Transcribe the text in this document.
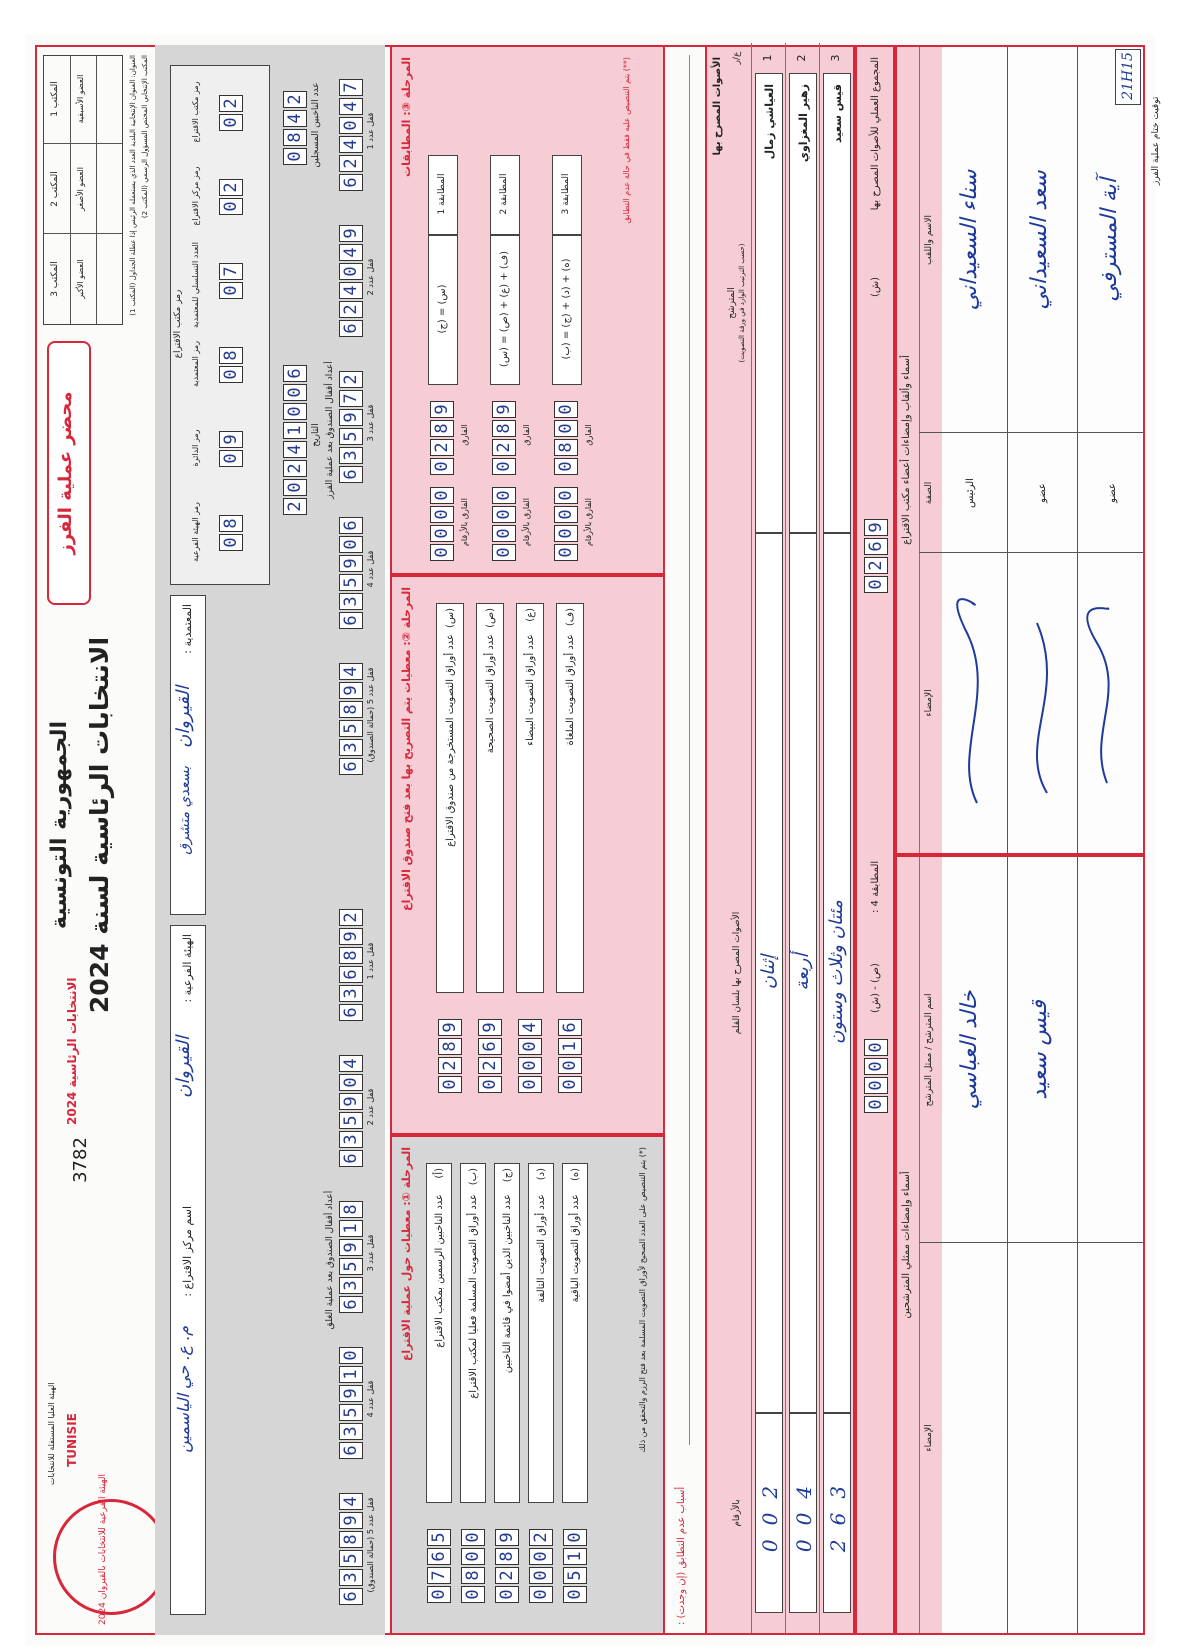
الهيئة الفرعية للانتخابات بالقيروان 2024
TUNISIE
الهيئة العليا المستقلة للانتخابات
الانتخابات الرئاسية لسنة 2024
الجمهورية التونسية
الانتخابات الرئاسية 2024
3782
محضر عملية الفرز
المكتب 1
المكتب 2
المكتب 3
العضو الأسبقية
العضو الأصغر
العضو الأكبر
العنوان: العنوان الإنتخابية البلدية العدد الذي يستعمله الرئيس إذا عطلة الجداول (المكتب 1) المكتب الإنتخابي المختص المسؤول الرسمي (المكتب 2)
الهيئة الفرعية :
القيروان
اسم مركز الاقتراع :
م. ع. حي الياسمين
المعتمدية :
القيروان
بسعدي متشرق
رمز مكتب الاقتراع
رمز مكتب الاقتراع 0
2
رمز مركز الاقتراع 0
2
العدد التسلسلي للمعتمدية 0
7
رمز المعتمدية 0
8
رمز الدائرة 0
9
رمز الهيئة الفرعية 0
8
2
0
2
4
1
0
0
6
التاريخ
0
8
4
2 عدد الناخبين المسجلين
أعداد أقفال الصندوق بعد عملية الغلق
6
3
6
8
9
2
قفل عدد 1
6
3
5
9
0
4
قفل عدد 2
6
3
5
9
1
8
قفل عدد 3
6
3
5
9
1
0
قفل عدد 4
6
3
5
8
9
4
قفل عدد 5 (حمالة الصندوق)
أعداد أقفال الصندوق بعد عملية الفرز
6
2
4
0
4
7
قفل عدد 1
6
2
4
0
4
9
قفل عدد 2
6
3
5
9
7
2
قفل عدد 3
6
3
5
9
0
6
قفل عدد 4
6
3
5
8
9
4
قفل عدد 5 (حمالة الصندوق)
المرحلة ①: معطيات حول عملية الاقتراع عدد الناخبين الرسمين بمكتب الاقتراع
(أ)
0
7
6
5
عدد أوراق التصويت المسلمة فعليا لمكتب الاقتراع
(ب)
0
8
0
0
عدد الناخبين الذين أمضوا في قائمة الناخبين
(ج)
0
2
8
9
عدد أوراق التصويت التالفة
(د)
0
0
0
2
عدد أوراق التصويت الباقية
(ه)
0
5
1
0
(*) يتم التنصيص على العدد الصحيح لأوراق التصويت المسلمة بعد فتح الرزم والتحقق من ذلك
المرحلة ②: معطيات يتم التصريح بها بعد فتح صندوق الاقتراع	عدد أوراق التصويت المستخرجة من صندوق الاقتراع
(س)
0
2
8
9
عدد أوراق التصويت الصحيحة
(ص)
0
2
6
9
عدد أوراق التصويت البيضاء
(ع)
0
0
0
4
عدد أوراق التصويت الملغاة
(ف)
0
0
1
6
المرحلة ③: المطابقات
المطابقة 1
(ج) = (س)
0
2
8
9
0
0
0
0
الفارق
الفارق بالأرقام
المطابقة 2
(س) = (ص) + (ع) + (ف)
0
2
8
9
0
0
0
0
الفارق
الفارق بالأرقام
المطابقة 3
(ب) = (ج) + (د) + (ه)
0
8
0
0
0
0
0
0
الفارق
الفارق بالأرقام
(**) يتم التنصيص عليه فقط في حالة عدم التطابق
أسباب عدم التطابق (إن وجدت) :
الأصوات المصرح بها ع/ر
المترشح
(حسب الترتيب الوارد في ورقة التصويت)
الأصوات المصرح بها بلسان القلم
بالأرقام
1
العياشي زمال
إثنان
002
2
زهير المغزاوي
أربعة
004
3
قيس سعيد
مئتان وثلاث وستون
263
المجموع العملي للأصوات المصرح بها
(ش)
0
2
6
9
المطابقة 4 :
(ص) - (ش)
0
0
0
0
أسماء وإمضاءات ممثلي المترشحين
اسم المترشح / ممثل المترشح
الإمضاء
خالد العباسي قيس سعيد
أسماء وألقاب وإمضاءات أعضاء مكتب الاقتراع
الاسم واللقب
الصفة
الإمضاء
سناء السعيداني
الرئيس
سعد السعيداني
عضو
آية المسترفي
عضو
توقيت ختام عملية الفرز
21H15
